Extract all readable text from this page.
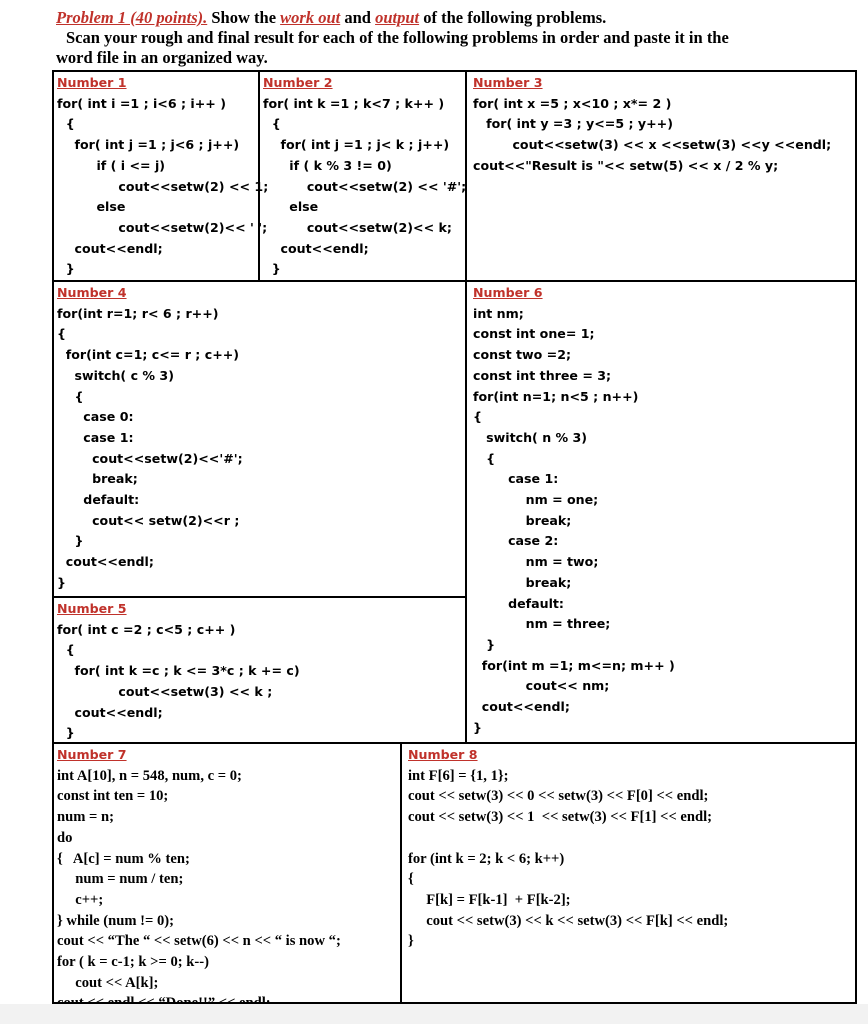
Problem 1 (40 points). Show the work out and output of the following problems.
Scan your rough and final result for each of the following problems in order and paste it in the
word file in an organized way.
Number 1
for( int i =1 ; i<6 ; i++ )
{
for( int j =1 ; j<6 ; j++)
if ( i <= j)
cout<<setw(2) << 1;
else
cout<<setw(2)<< ' ';
cout<<endl;
}
Number 2
for( int k =1 ; k<7 ; k++ )
{
for( int j =1 ; j< k ; j++)
if ( k % 3 != 0)
cout<<setw(2) << '#';
else
cout<<setw(2)<< k;
cout<<endl;
}
Number 3
for( int x =5 ; x<10 ; x*= 2 )
for( int y =3 ; y<=5 ; y++)
cout<<setw(3) << x <<setw(3) <<y <<endl;
cout<<"Result is "<< setw(5) << x / 2 % y;
Number 4
for(int r=1; r< 6 ; r++)
{
for(int c=1; c<= r ; c++)
switch( c % 3)
{
case 0:
case 1:
cout<<setw(2)<<'#';
break;
default:
cout<< setw(2)<<r ;
}
cout<<endl;
}
Number 5
for( int c =2 ; c<5 ; c++ )
{
for( int k =c ; k <= 3*c ; k += c)
cout<<setw(3) << k ;
cout<<endl;
}
Number 6
int nm;
const int one= 1;
const two =2;
const int three = 3;
for(int n=1; n<5 ; n++)
{
switch( n % 3)
{
case 1:
nm = one;
break;
case 2:
nm = two;
break;
default:
nm = three;
}
for(int m =1; m<=n; m++ )
cout<< nm;
cout<<endl;
}
Number 7
int A[10], n = 548, num, c = 0;
const int ten = 10;
num = n;
do
{   A[c] = num % ten;
num = num / ten;
c++;
} while (num != 0);
cout << “The “ << setw(6) << n << “ is now “;
for ( k = c-1; k >= 0; k--)
cout << A[k];

Number 8
int F[6] = {1, 1};
cout << setw(3) << 0 << setw(3) << F[0] << endl;
cout << setw(3) << 1  << setw(3) << F[1] << endl;

for (int k = 2; k < 6; k++)
{
F[k] = F[k-1]  + F[k-2];
cout << setw(3) << k << setw(3) << F[k] << endl;
}
